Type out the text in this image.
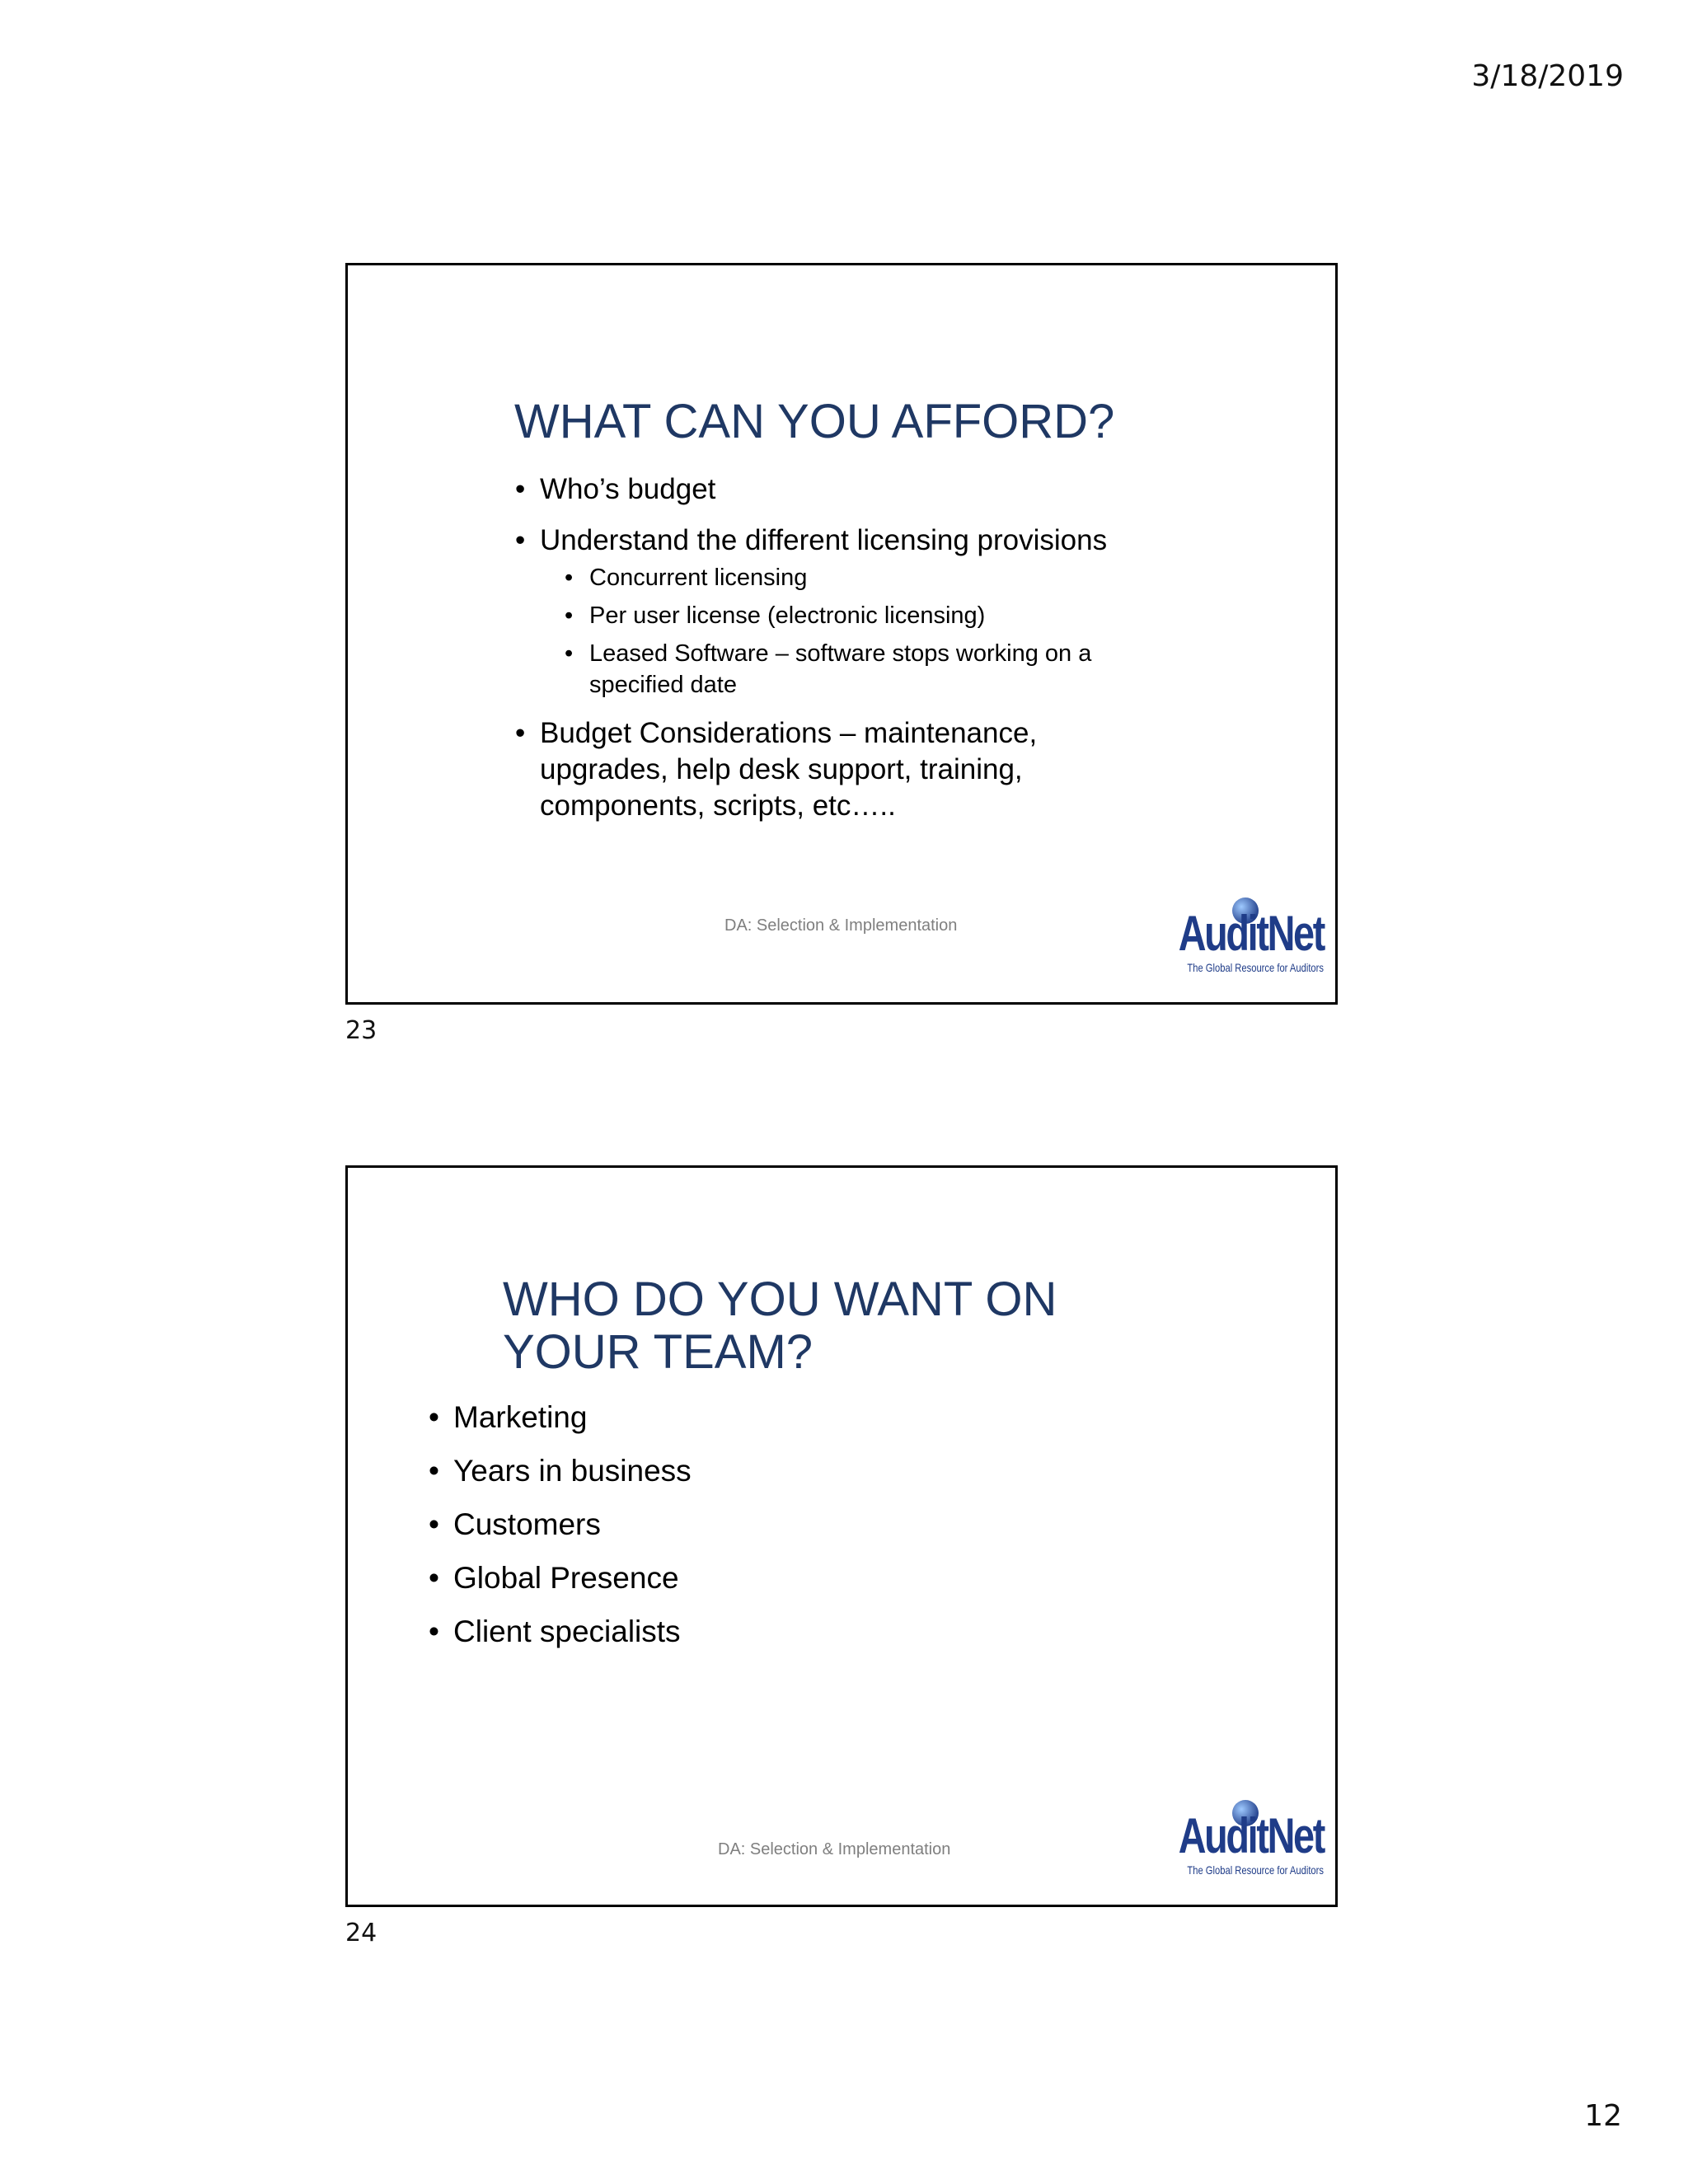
3/18/2019
WHAT CAN YOU AFFORD?
• Who’s budget
• Understand the different licensing provisions
• Concurrent licensing
• Per user license (electronic licensing)
• Leased Software – software stops working on a specified date
• Budget Considerations – maintenance, upgrades, help desk support, training, components, scripts, etc…..
DA: Selection & Implementation	AuditNet
The Global Resource for Auditors
23
WHO DO YOU WANT ON YOUR TEAM?
• Marketing
• Years in business
• Customers
• Global Presence
• Client specialists
DA: Selection & Implementation	AuditNet
The Global Resource for Auditors
24
12
